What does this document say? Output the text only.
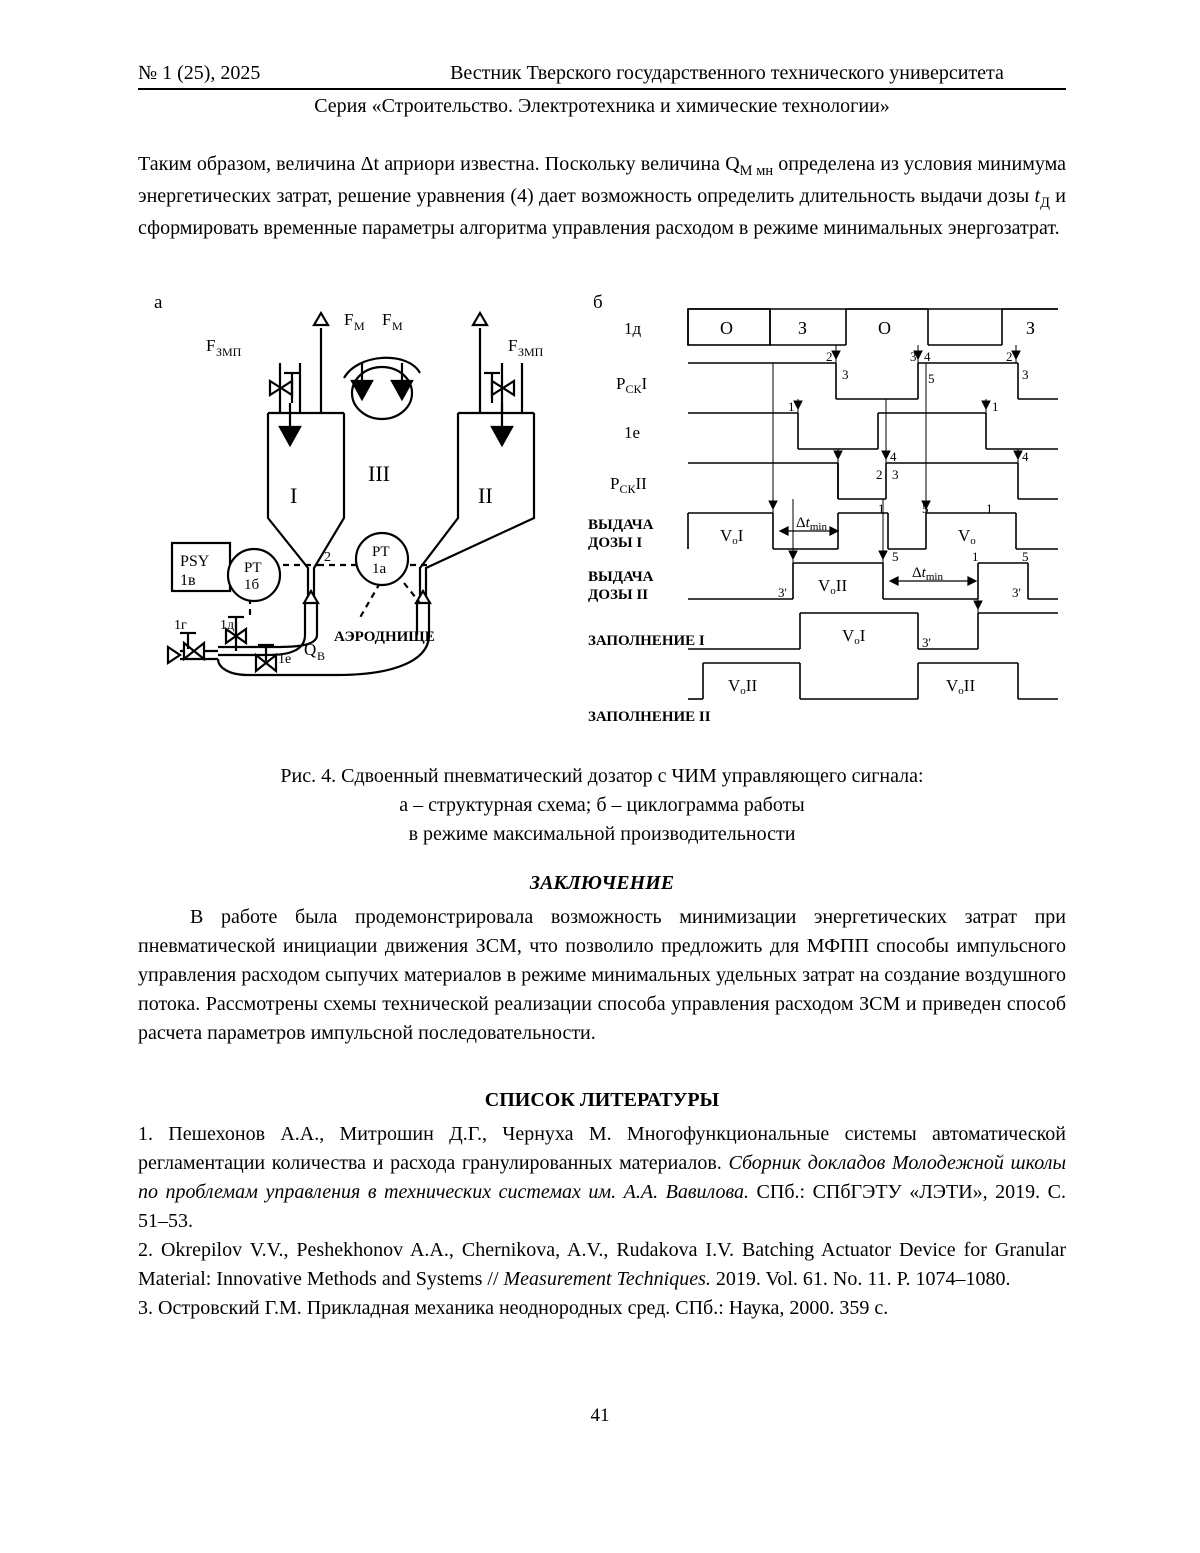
№ 1 (25), 2025	Вестник Тверского государственного технического университета
Серия «Строительство. Электротехника и химические технологии»

Таким образом, величина Δt априори известна. Поскольку величина $Q_{М мн}$ определена из условия минимума энергетических затрат, решение уравнения (4) дает возможность определить длительность выдачи дозы $t_Д$ и сформировать временные параметры алгоритма управления расходом в режиме минимальных энергозатрат.

а	б
I	II
III
PSY
1в
PT
1б
PT
1а
F М F М
F ЗМП	F ЗМП
АЭРОДНИЩЕ
Q В
1г 1д
1е
2
1д
$P_{СК}I$
1е
$P_{СК}II$
ВЫДАЧА
ДОЗЫ I
ВЫДАЧА
ДОЗЫ II
ЗАПОЛНЕНИЕ I
ЗАПОЛНЕНИЕ II
О	З	О	З
2
3
3 4
5
2
3
1	1
4
2 3
4
1	5
5	1	5
3'	3'
3'
1
VoI	Vo
$\Delta t_{min}$
$\Delta t_{min}$
VoII
VoI
VoII	VoII
Рис. 4. Сдвоенный пневматический дозатор с ЧИМ управляющего сигнала:
а – структурная схема; б – циклограмма работы
в режиме максимальной производительности
ЗАКЛЮЧЕНИЕ

В работе была продемонстрировала возможность минимизации энергетических затрат при пневматической инициации движения ЗСМ, что позволило предложить для МФПП способы импульсного управления расходом сыпучих материалов в режиме минимальных удельных затрат на создание воздушного потока. Рассмотрены схемы технической реализации способа управления расходом ЗСМ и приведен способ расчета параметров импульсной последовательности.

СПИСОК ЛИТЕРАТУРЫ

1. Пешехонов А.А., Митрошин Д.Г., Чернуха М. Многофункциональные системы автоматической регламентации количества и расхода гранулированных материалов. Сборник докладов Молодежной школы по проблемам управления в технических системах им. А.А. Вавилова. СПб.: СПбГЭТУ «ЛЭТИ», 2019. С. 51–53.

2. Okrepilov V.V., Peshekhonov A.A., Chernikova, A.V., Rudakova I.V. Batching Actuator Device for Granular Material: Innovative Methods and Systems // Measurement Techniques. 2019. Vol. 61. No. 11. P. 1074–1080.

3. Островский Г.М. Прикладная механика неоднородных сред. СПб.: Наука, 2000. 359 с.

41
